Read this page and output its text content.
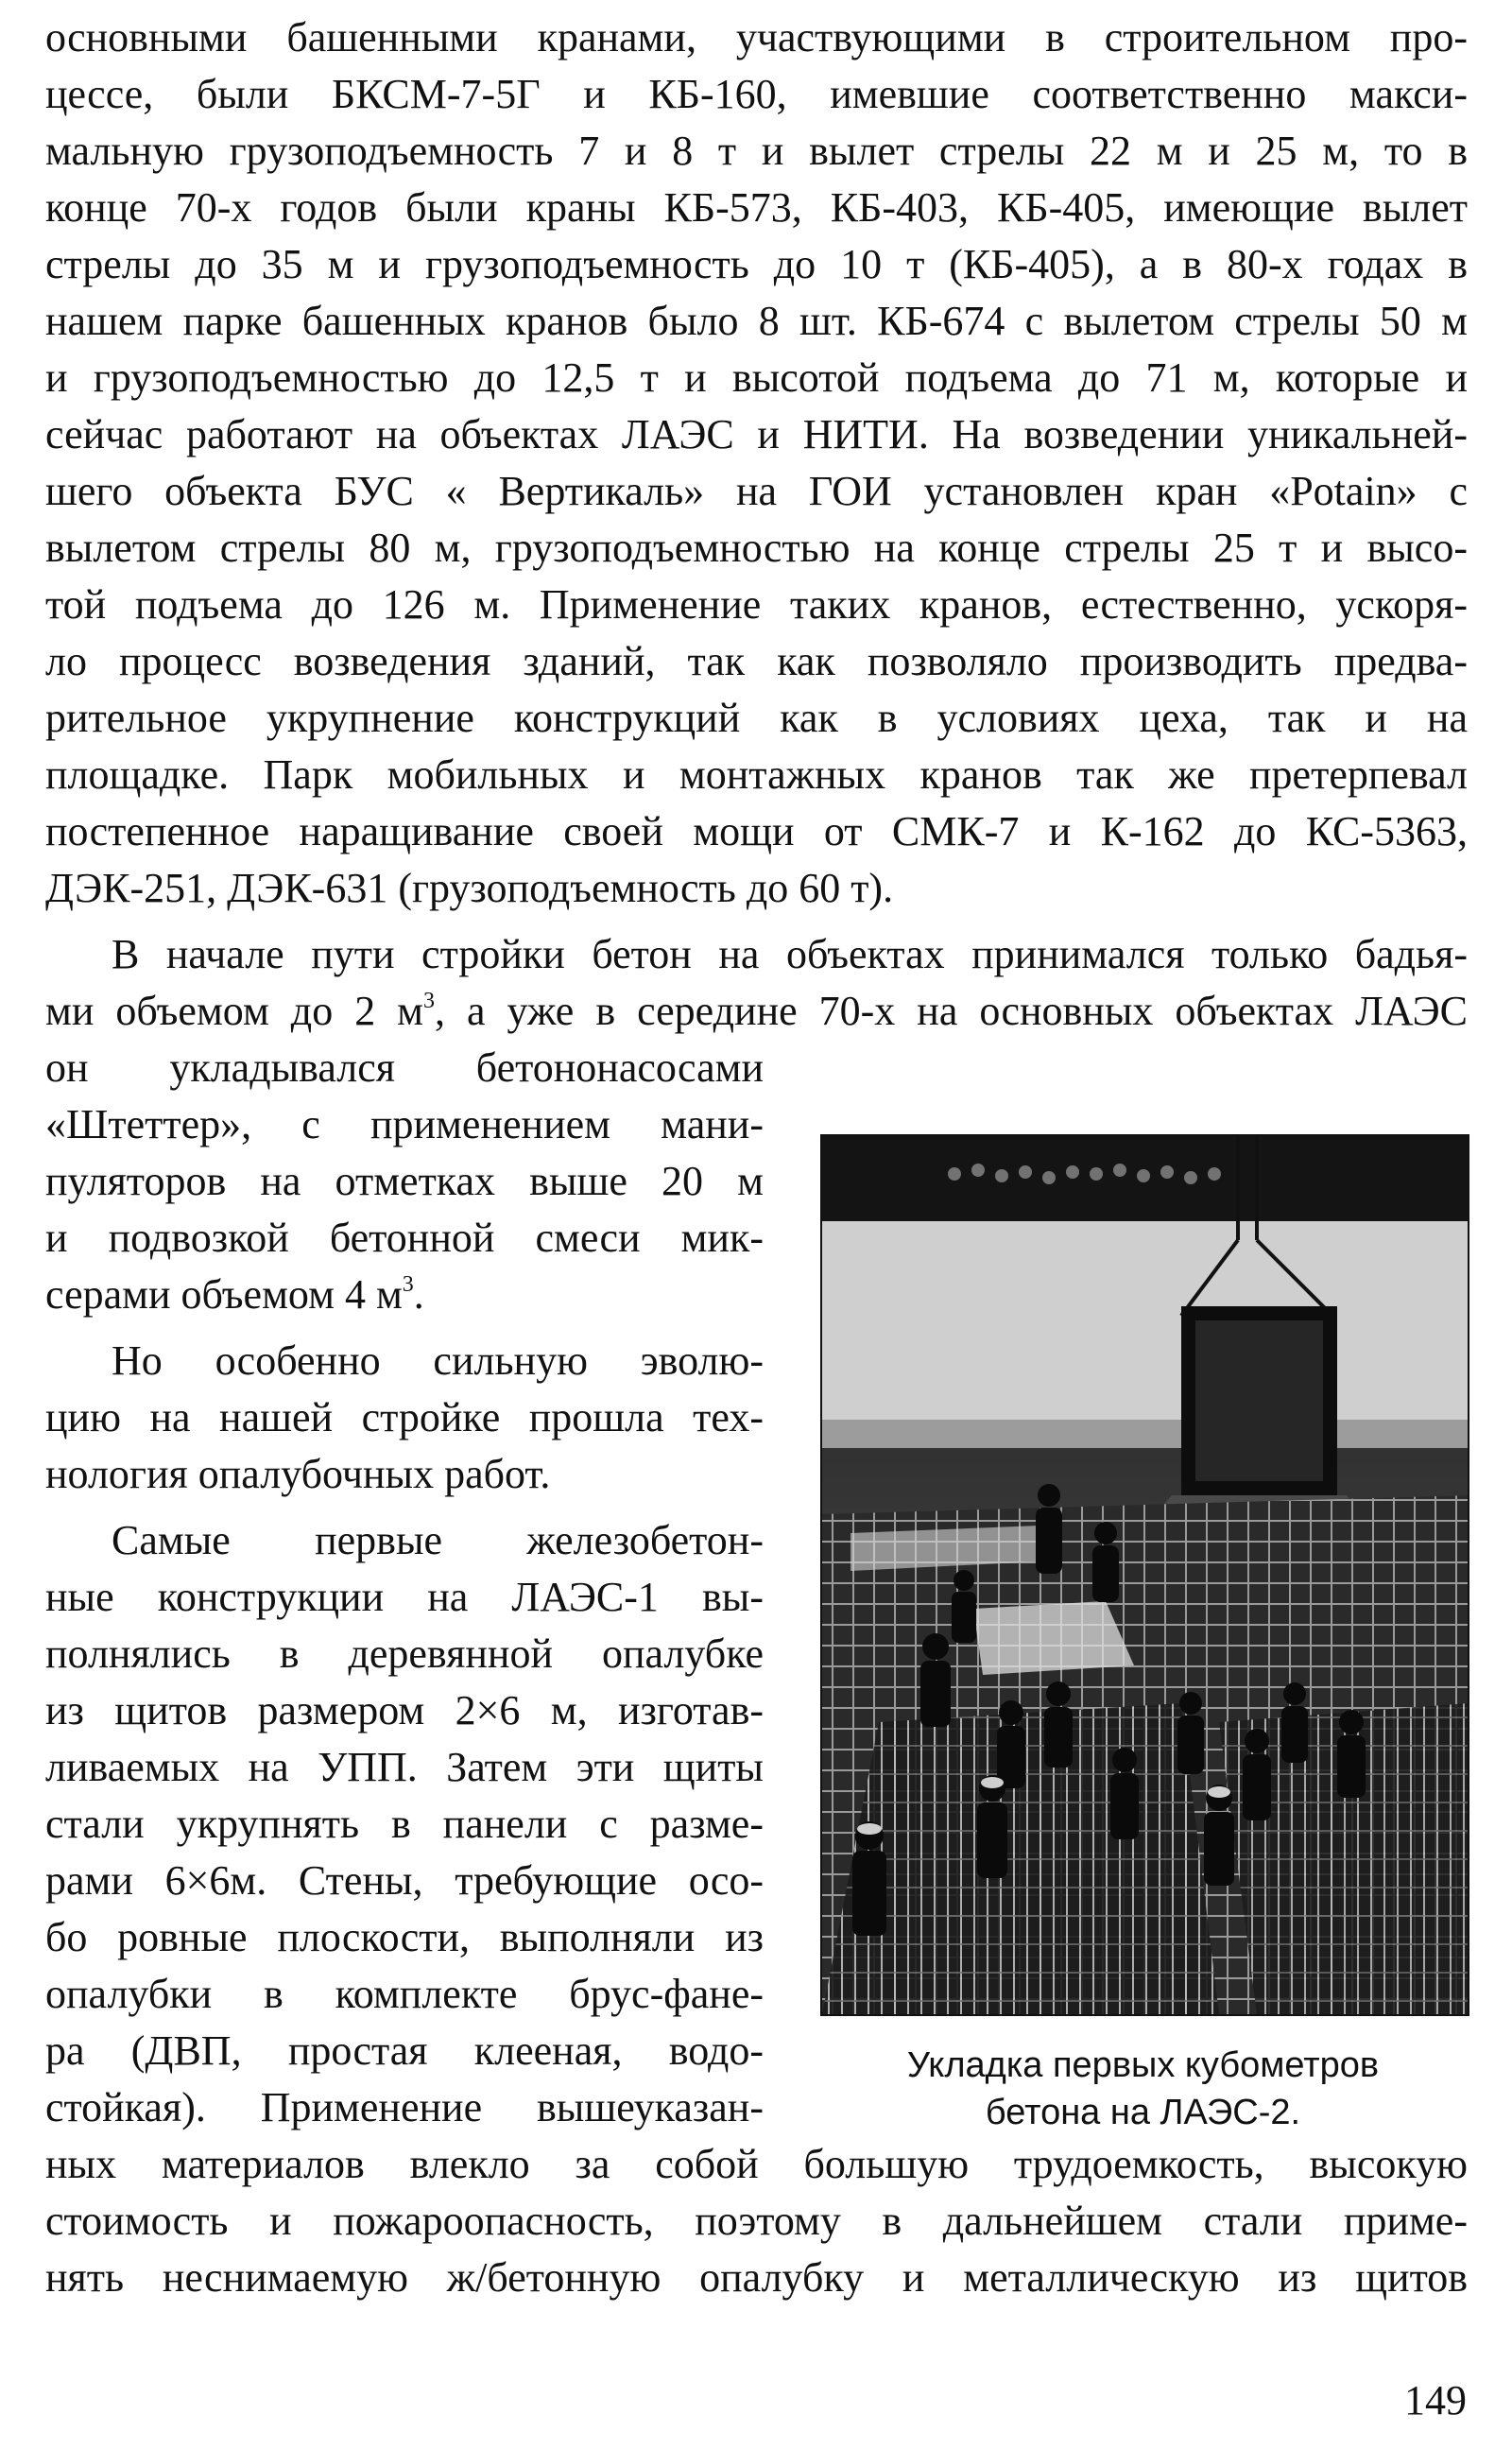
основными башенными кранами, участвующими в строительном про-
цессе, были БКСМ-7-5Г и КБ-160, имевшие соответственно макси-
мальную грузоподъемность 7 и 8 т и вылет стрелы 22 м и 25 м, то в
конце 70-х годов были краны КБ-573, КБ-403, КБ-405, имеющие вылет
стрелы до 35 м и грузоподъемность до 10 т (КБ-405), а в 80-х годах в
нашем парке башенных кранов было 8 шт. КБ-674 с вылетом стрелы 50 м
и грузоподъемностью до 12,5 т и высотой подъема до 71 м, которые и
сейчас работают на объектах ЛАЭС и НИТИ. На возведении уникальней-
шего объекта БУС « Вертикаль» на ГОИ установлен кран «Potain» с
вылетом стрелы 80 м, грузоподъемностью на конце стрелы 25 т и высо-
той подъема до 126 м. Применение таких кранов, естественно, ускоря-
ло процесс возведения зданий, так как позволяло производить предва-
рительное укрупнение конструкций как в условиях цеха, так и на
площадке. Парк мобильных и монтажных кранов так же претерпевал
постепенное наращивание своей мощи от СМК-7 и К-162 до КС-5363,
ДЭК-251, ДЭК-631 (грузоподъемность до 60 т).
В начале пути стройки бетон на объектах принимался только бадья-
ми объемом до 2 $м^3$, а уже в середине 70-х на основных объектах ЛАЭС
он укладывался бетононасосами
«Штеттер», с применением мани-
пуляторов на отметках выше 20 м
и подвозкой бетонной смеси мик-
серами объемом 4 $м^3$.
Но особенно сильную эволю-
цию на нашей стройке прошла тех-
нология опалубочных работ.
Самые первые железобетон-
ные конструкции на ЛАЭС-1 вы-
полнялись в деревянной опалубке
из щитов размером 2×6 м, изготав-
ливаемых на УПП. Затем эти щиты
стали укрупнять в панели с разме-
рами 6×6м. Стены, требующие осо-
бо ровные плоскости, выполняли из
опалубки в комплекте брус-фане-
ра (ДВП, простая клееная, водо-
стойкая). Применение вышеуказан-
ных материалов влекло за собой большую трудоемкость, высокую
стоимость и пожароопасность, поэтому в дальнейшем стали приме-
нять неснимаемую ж/бетонную опалубку и металлическую из щитов
Укладка первых кубометров
бетона на ЛАЭС-2.
149
